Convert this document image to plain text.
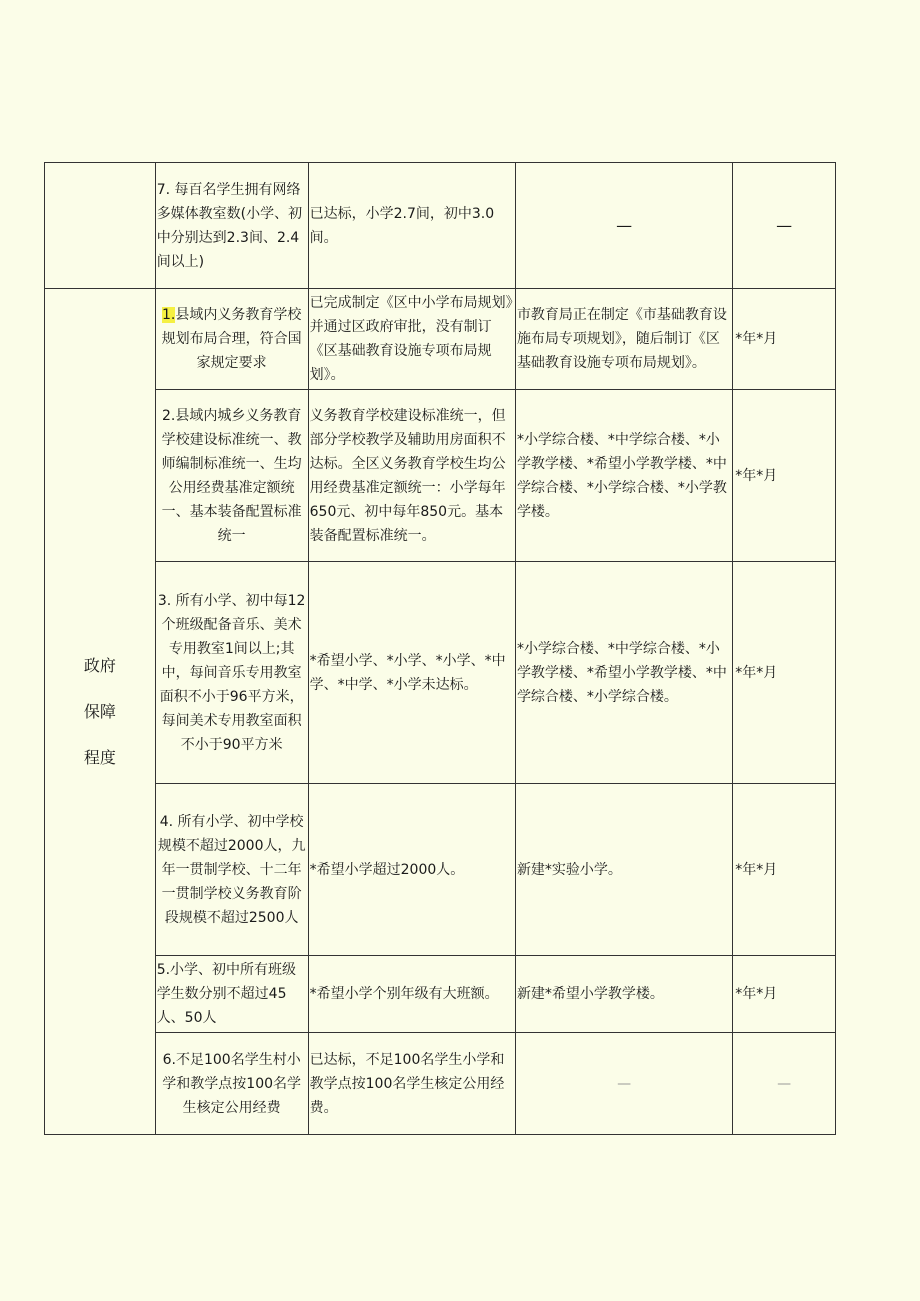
	7. 每百名学生拥有网络多媒体教室数(小学、初中分别达到2.3间、2.4间以上)	已达标，小学2.7间，初中3.0间。	—	—

政府
保障
程度	1.县域内义务教育学校规划布局合理，符合国家规定要求	已完成制定《区中小学布局规划》并通过区政府审批，没有制订《区基础教育设施专项布局规划》。	市教育局正在制定《市基础教育设施布局专项规划》，随后制订《区基础教育设施专项布局规划》。	*年*月
	2.县域内城乡义务教育学校建设标准统一、教师编制标准统一、生均公用经费基准定额统一、基本装备配置标准统一	义务教育学校建设标准统一，但部分学校教学及辅助用房面积不达标。全区义务教育学校生均公用经费基准定额统一：小学每年650元、初中每年850元。基本装备配置标准统一。	*小学综合楼、*中学综合楼、*小学教学楼、*希望小学教学楼、*中学综合楼、*小学综合楼、*小学教学楼。	*年*月
	3. 所有小学、初中每12个班级配备音乐、美术专用教室1间以上;其中，每间音乐专用教室面积不小于96平方米，每间美术专用教室面积不小于90平方米	*希望小学、*小学、*小学、*中学、*中学、*小学未达标。	*小学综合楼、*中学综合楼、*小学教学楼、*希望小学教学楼、*中学综合楼、*小学综合楼。	*年*月
	4. 所有小学、初中学校规模不超过2000人，九年一贯制学校、十二年一贯制学校义务教育阶段规模不超过2500人	*希望小学超过2000人。	新建*实验小学。	*年*月
	5.小学、初中所有班级学生数分别不超过45人、50人	*希望小学个别年级有大班额。	新建*希望小学教学楼。	*年*月
	6.不足100名学生村小学和教学点按100名学生核定公用经费	已达标，不足100名学生小学和教学点按100名学生核定公用经费。	—	—
